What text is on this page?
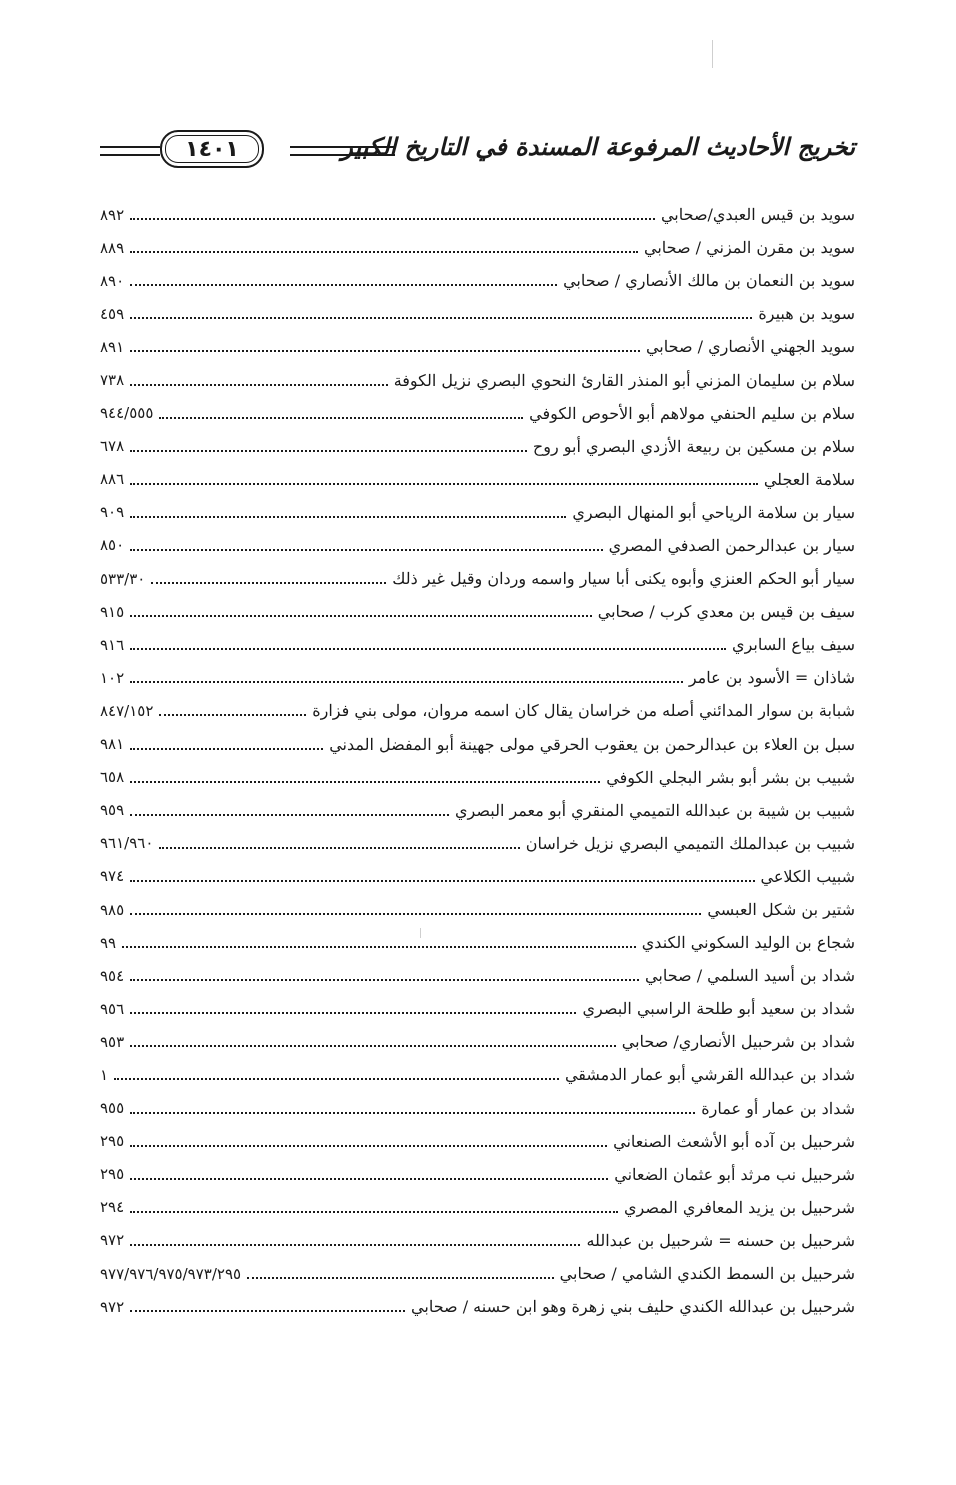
تخريج الأحاديث المرفوعة المسندة في التاريخ الكبير
١٤٠١
سويد بن قيس العبدي/صحابي
٨٩٢
سويد بن مقرن المزني / صحابي
٨٨٩
سويد بن النعمان بن مالك الأنصاري / صحابي
٨٩٠
سويد بن هبيرة
٤٥٩
سويد الجهني الأنصاري / صحابي
٨٩١
سلام بن سليمان المزني أبو المنذر القارئ النحوي البصري نزيل الكوفة
٧٣٨
سلام بن سليم الحنفي مولاهم أبو الأحوص الكوفي
٩٤٤/٥٥٥
سلام بن مسكين بن ربيعة الأزدي البصري أبو روح
٦٧٨
سلامة العجلي
٨٨٦
سيار بن سلامة الرياحي أبو المنهال البصري
٩٠٩
سيار بن عبدالرحمن الصدفي المصري
٨٥٠
سيار أبو الحكم العنزي وأبوه يكنى أبا سيار واسمه وردان وقيل غير ذلك
٥٣٣/٣٠
سيف بن قيس بن معدي كرب / صحابي
٩١٥
سيف بياع السابري
٩١٦
شاذان = الأسود بن عامر
١٠٢
شبابة بن سوار المدائني أصله من خراسان يقال كان اسمه مروان، مولى بني فزارة
٨٤٧/١٥٢
سبل بن العلاء بن عبدالرحمن بن يعقوب الحرقي مولى جهينة أبو المفضل المدني
٩٨١
شبيب بن بشر أبو بشر البجلي الكوفي
٦٥٨
شبيب بن شيبة بن عبدالله التميمي المنقري أبو معمر البصري
٩٥٩
شبيب بن عبدالملك التميمي البصري نزيل خراسان
٩٦١/٩٦٠
شبيب الكلاعي
٩٧٤
شتير بن شكل العبسي
٩٨٥
شجاع بن الوليد السكوني الكندي
٩٩
شداد بن أسيد السلمي / صحابي
٩٥٤
شداد بن سعيد أبو طلحة الراسبي البصري
٩٥٦
شداد بن شرحبيل الأنصاري/ صحابي
٩٥٣
شداد بن عبدالله القرشي أبو عمار الدمشقي
١
شداد بن عمار أو عمارة
٩٥٥
شرحبيل بن آده أبو الأشعث الصنعاني
٢٩٥
شرحبيل نب مرثد أبو عثمان الضعاني
٢٩٥
شرحبيل بن يزيد المعافري المصري
٢٩٤
شرحبيل بن حسنه = شرحبيل بن عبدالله
٩٧٢
شرحبيل بن السمط الكندي الشامي / صحابي
٩٧٧/٩٧٦/٩٧٥/٩٧٣/٢٩٥
شرحبيل بن عبدالله الكندي حليف بني زهرة وهو ابن حسنه / صحابي
٩٧٢
